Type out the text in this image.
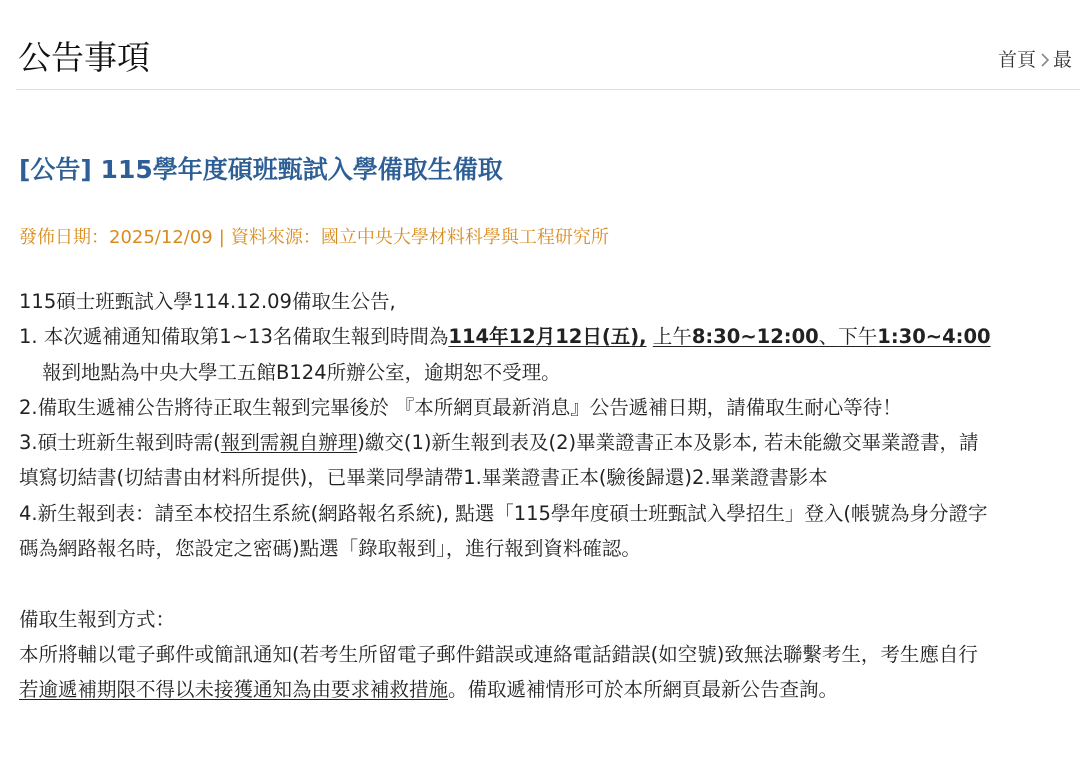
公告事項	首頁 最
[公告] 115學年度碩班甄試入學備取生備取
發佈日期：2025/12/09 | 資料來源：國立中央大學材料科學與工程研究所
115碩士班甄試入學114.12.09備取生公告,
1. 本次遞補通知備取第1~13名備取生報到時間為114年12月12日(五), 上午8:30~12:00、下午1:30~4:00
報到地點為中央大學工五館B124所辦公室，逾期恕不受理。
2.備取生遞補公告將待正取生報到完畢後於 『本所網頁最新消息』公告遞補日期，請備取生耐心等待！
3.碩士班新生報到時需(報到需親自辦理)繳交(1)新生報到表及(2)畢業證書正本及影本, 若未能繳交畢業證書，請
填寫切結書(切結書由材料所提供)，已畢業同學請帶1.畢業證書正本(驗後歸還)2.畢業證書影本
4.新生報到表：請至本校招生系統(網路報名系統), 點選「115學年度碩士班甄試入學招生」登入(帳號為身分證字
碼為網路報名時，您設定之密碼)點選「錄取報到」，進行報到資料確認。
備取生報到方式：
本所將輔以電子郵件或簡訊通知(若考生所留電子郵件錯誤或連絡電話錯誤(如空號)致無法聯繫考生，考生應自行
若逾遞補期限不得以未接獲通知為由要求補救措施。備取遞補情形可於本所網頁最新公告查詢。
